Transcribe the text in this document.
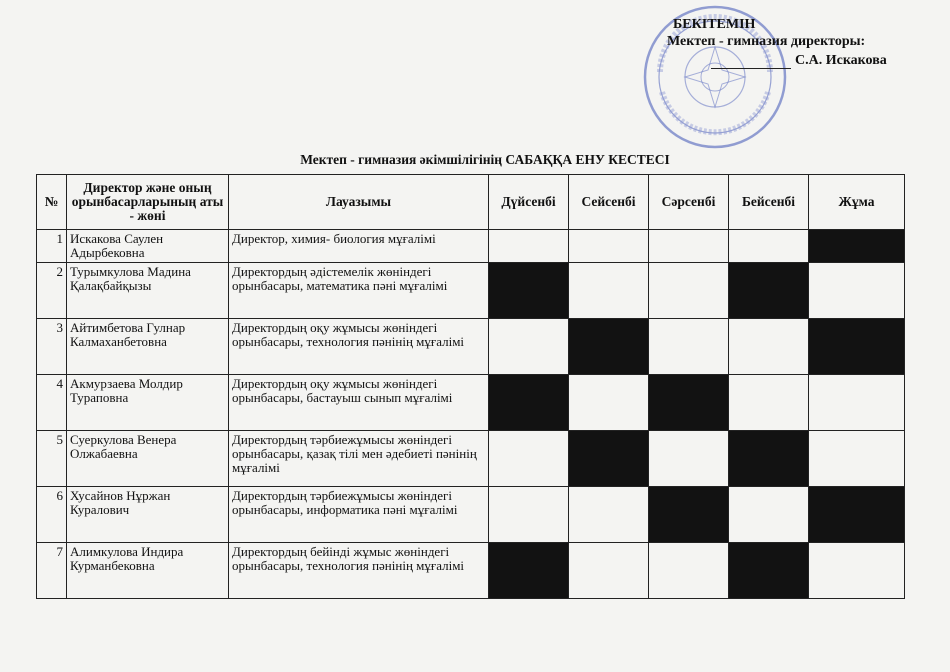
БЕКІТЕМІН
Мектеп - гимназия директоры:
С.А. Искакова
Мектеп - гимназия әкімшілігінің САБАҚҚА ЕНУ КЕСТЕСІ
№	Директор және оның орынбасарларының аты - жөні	Лауазымы	Дүйсенбі	Сейсенбі	Сәрсенбі	Бейсенбі	Жұма
1	Искакова Саулен Адырбековна	Директор, химия- биология мұғалімі					
2	Турымкулова Мадина Қалақбайқызы	Директордың әдістемелік жөніндегі орынбасары, математика пәні мұғалімі					
3	Айтимбетова Гулнар Калмаханбетовна	Директордың оқу жұмысы жөніндегі орынбасары, технология пәнінің мұғалімі					
4	Акмурзаева Молдир Тураповна	Директордың оқу жұмысы жөніндегі орынбасары, бастауыш сынып мұғалімі					
5	Суеркулова Венера Олжабаевна	Директордың тәрбиежұмысы жөніндегі орынбасары, қазақ тілі мен әдебиеті пәнінің мұғалімі					
6	Хусайнов Нұржан Куралович	Директордың тәрбиежұмысы жөніндегі орынбасары, информатика пәні мұғалімі					
7	Алимкулова Индира Курманбековна	Директордың бейінді жұмыс жөніндегі орынбасары, технология пәнінің мұғалімі					
